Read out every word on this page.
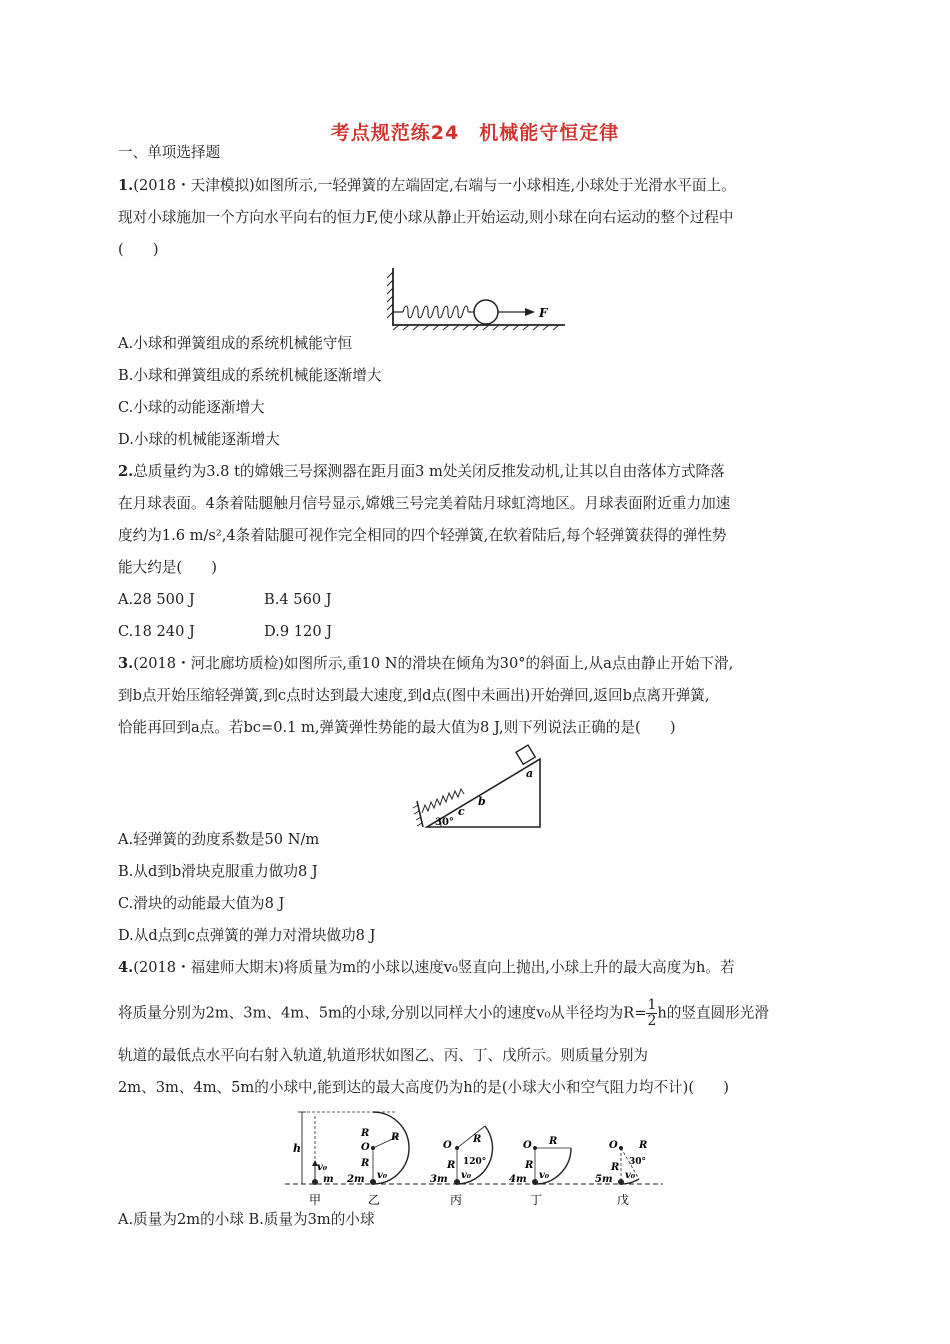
考点规范练24　机械能守恒定律
一、单项选择题
1.(2018・天津模拟)如图所示,一轻弹簧的左端固定,右端与一小球相连,小球处于光滑水平面上。
现对小球施加一个方向水平向右的恒力F,使小球从静止开始运动,则小球在向右运动的整个过程中
(　　)
F
A.小球和弹簧组成的系统机械能守恒
B.小球和弹簧组成的系统机械能逐渐增大
C.小球的动能逐渐增大
D.小球的机械能逐渐增大
2.总质量约为3.8 t的嫦娥三号探测器在距月面3 m处关闭反推发动机,让其以自由落体方式降落
在月球表面。4条着陆腿触月信号显示,嫦娥三号完美着陆月球虹湾地区。月球表面附近重力加速
度约为1.6 m/s²,4条着陆腿可视作完全相同的四个轻弹簧,在软着陆后,每个轻弹簧获得的弹性势
能大约是(　　)
A.28 500 J	B.4 560 J
C.18 240 J	D.9 120 J
3.(2018・河北廊坊质检)如图所示,重10 N的滑块在倾角为30°的斜面上,从a点由静止开始下滑,
到b点开始压缩轻弹簧,到c点时达到最大速度,到d点(图中未画出)开始弹回,返回b点离开弹簧,
恰能再回到a点。若bc=0.1 m,弹簧弹性势能的最大值为8 J,则下列说法正确的是(　　)
a
b
c
30°
A.轻弹簧的劲度系数是50 N/m
B.从d到b滑块克服重力做功8 J
C.滑块的动能最大值为8 J
D.从d点到c点弹簧的弹力对滑块做功8 J
4.(2018・福建师大期末)将质量为m的小球以速度v₀竖直向上抛出,小球上升的最大高度为h。若
将质量分别为2m、3m、4m、5m的小球,分别以同样大小的速度v₀从半径均为$R= \frac{1}{2}$ h的竖直圆形光滑
轨道的最低点水平向右射入轨道,轨道形状如图乙、丙、丁、戊所示。则质量分别为
2m、3m、4m、5m的小球中,能到达的最大高度仍为h的是(小球大小和空气阻力均不计)(　　)
h
v₀
m
甲
R
O
R
R
v₀
2m
乙
O
R
R
120°
v₀
3m
丙
O
R
R
v₀
4m
丁
O R
R 30°
v₀
5m
戊
A.质量为2m的小球 B.质量为3m的小球
